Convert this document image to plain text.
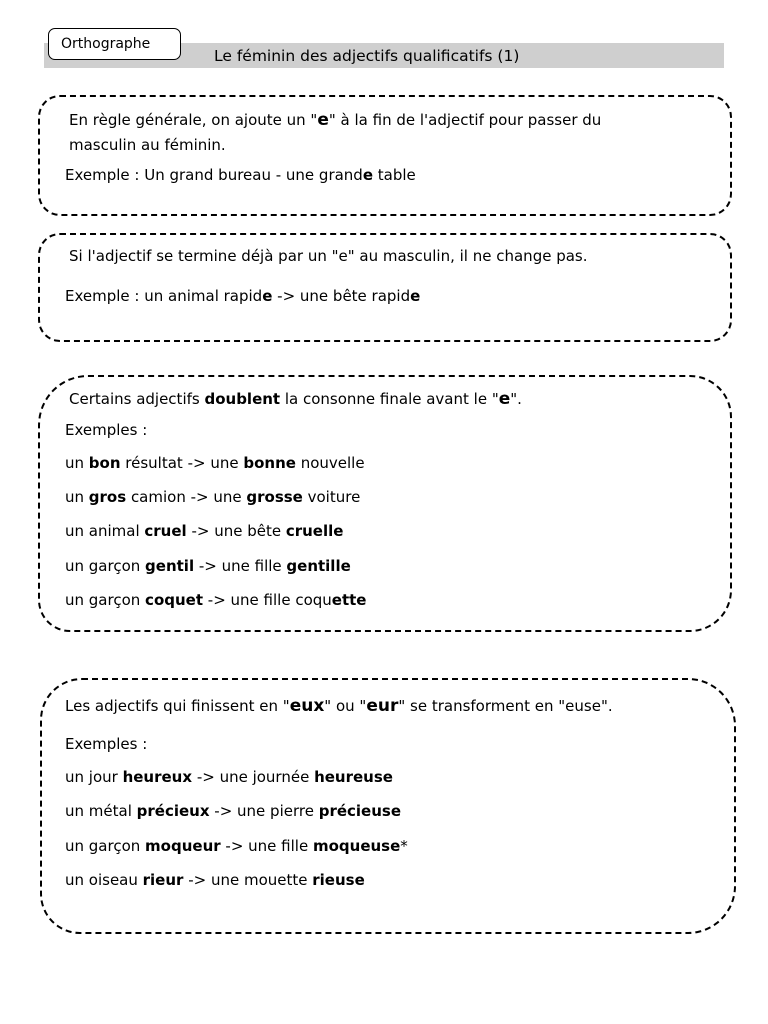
Orthographe
Le féminin des adjectifs qualificatifs (1)
En règle générale, on ajoute un "e" à la fin de l'adjectif pour passer du
masculin au féminin.
Exemple : Un grand bureau - une grande table
Si l'adjectif se termine déjà par un "e" au masculin, il ne change pas.
Exemple : un animal rapide -> une bête rapide
Certains adjectifs doublent la consonne finale avant le "e".
Exemples :
un bon résultat -> une bonne nouvelle
un gros camion -> une grosse voiture
un animal cruel -> une bête cruelle
un garçon gentil -> une fille gentille
un garçon coquet -> une fille coquette
Les adjectifs qui finissent en "eux" ou "eur" se transforment en "euse".
Exemples :
un jour heureux -> une journée heureuse
un métal précieux -> une pierre précieuse
un garçon moqueur -> une fille moqueuse*
un oiseau rieur -> une mouette rieuse
